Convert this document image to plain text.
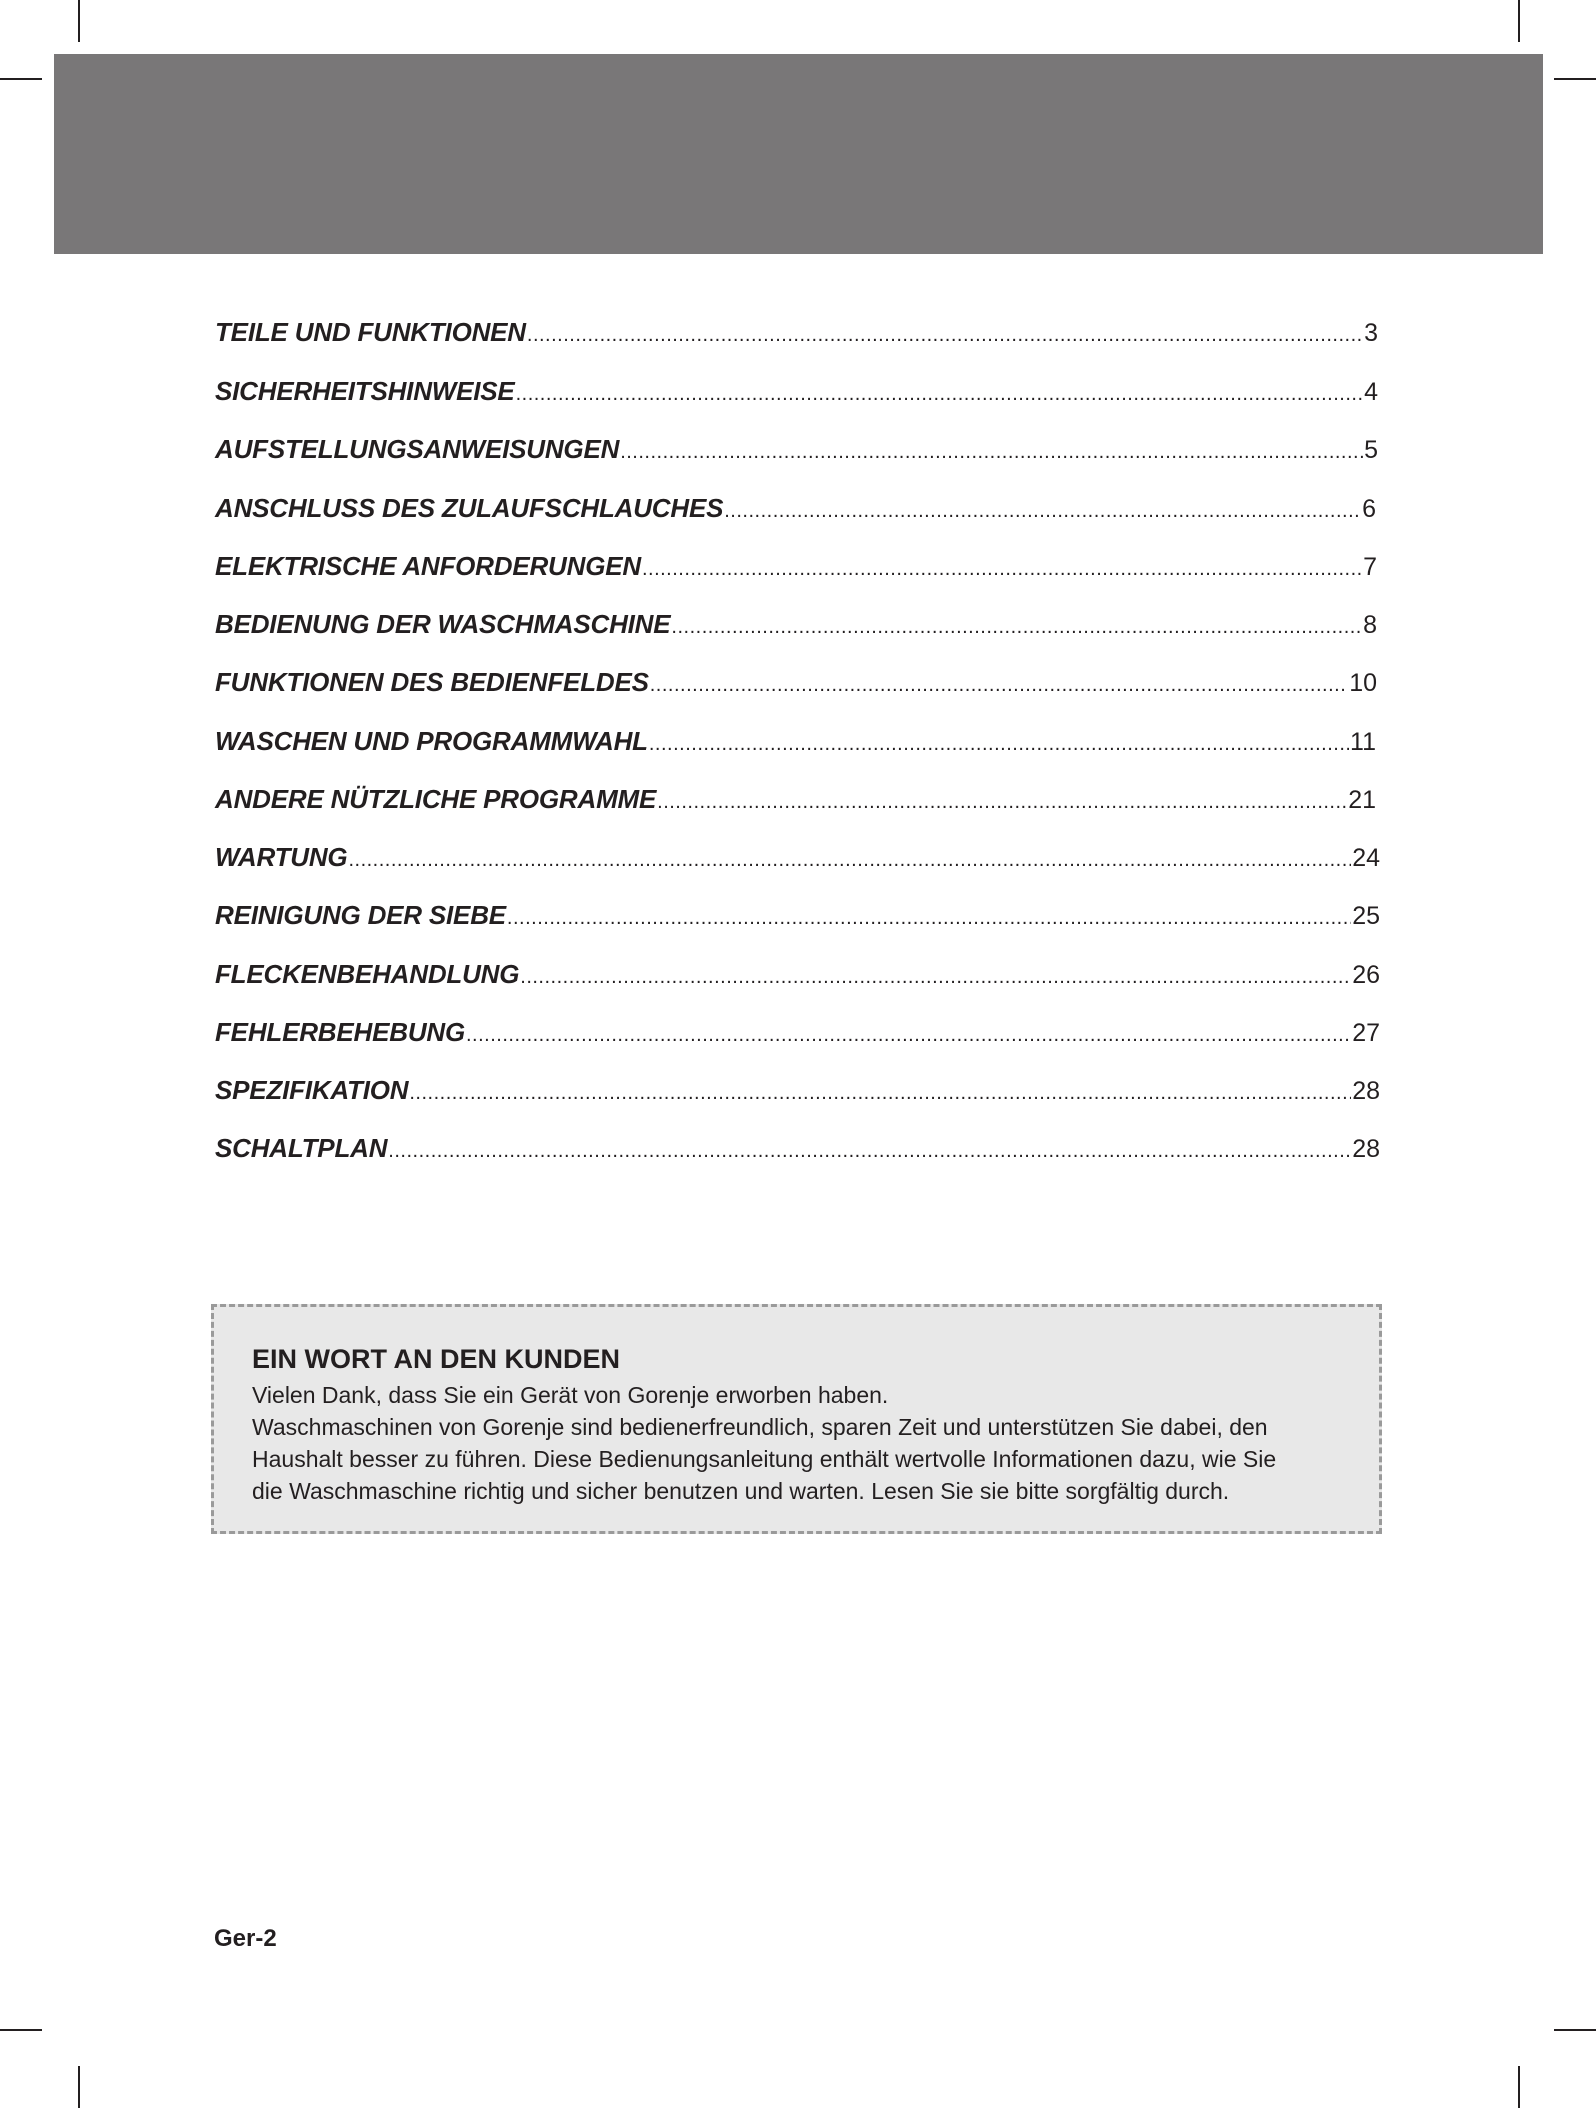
TEILE UND FUNKTIONEN .....	3
SICHERHEITSHINWEISE .....	4
AUFSTELLUNGSANWEISUNGEN .....	5
ANSCHLUSS DES ZULAUFSCHLAUCHES .....	6
ELEKTRISCHE ANFORDERUNGEN .....	7
BEDIENUNG DER WASCHMASCHINE .....	8
FUNKTIONEN DES BEDIENFELDES .....	10
WASCHEN UND PROGRAMMWAHL .....	11
ANDERE NÜTZLICHE PROGRAMME .....	21
WARTUNG .....	24
REINIGUNG DER SIEBE .....	25
FLECKENBEHANDLUNG .....	26
FEHLERBEHEBUNG .....	27
SPEZIFIKATION .....	28
SCHALTPLAN .....	28
EIN WORT AN DEN KUNDEN
Vielen Dank, dass Sie ein Gerät von Gorenje erworben haben.
Waschmaschinen von Gorenje sind bedienerfreundlich, sparen Zeit und unterstützen Sie dabei, den
Haushalt besser zu führen. Diese Bedienungsanleitung enthält wertvolle Informationen dazu, wie Sie
die Waschmaschine richtig und sicher benutzen und warten. Lesen Sie sie bitte sorgfältig durch.
Ger-2
